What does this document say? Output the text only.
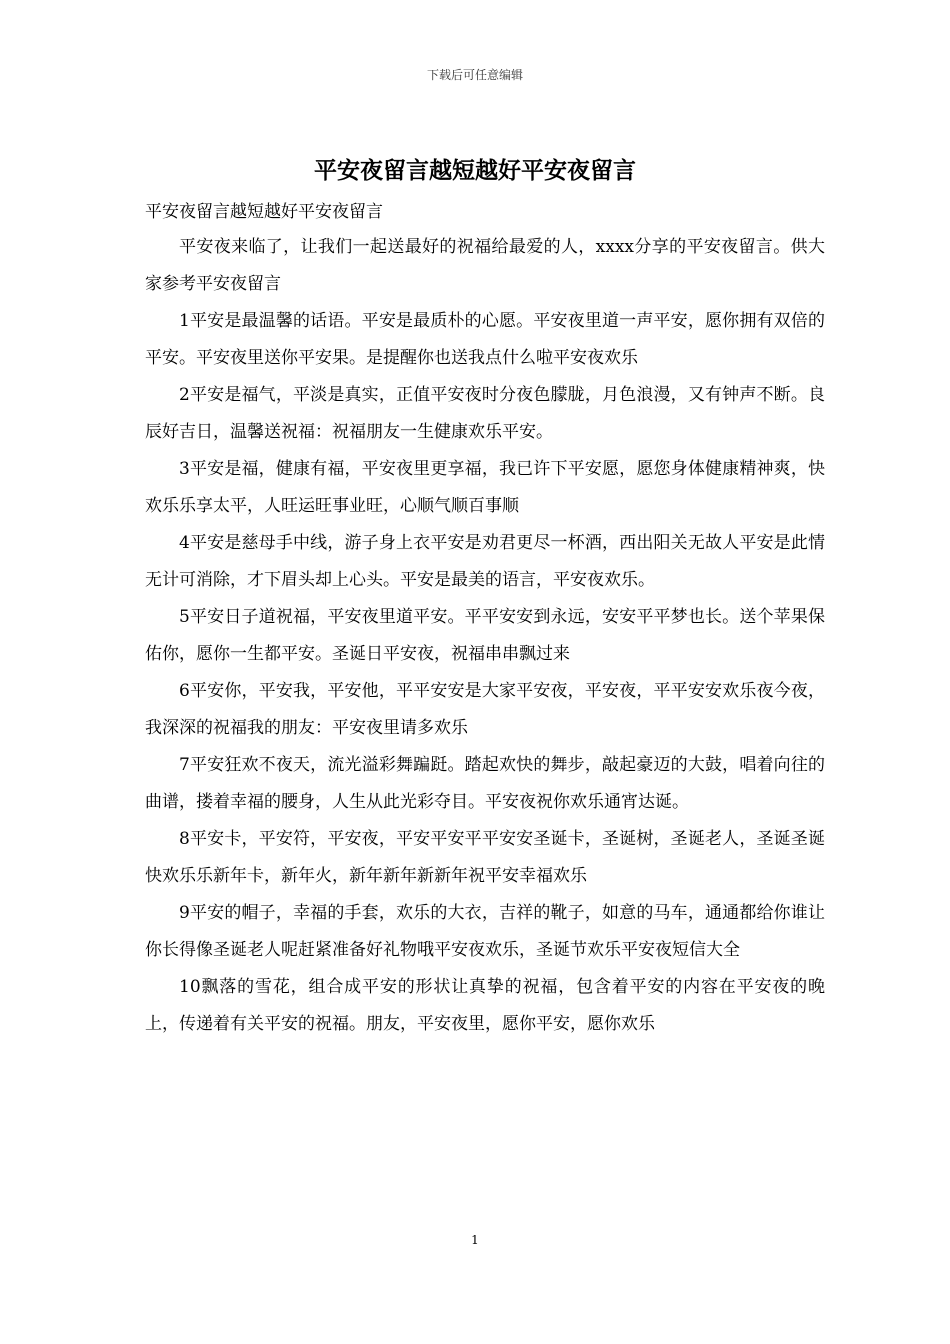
下载后可任意编辑
平安夜留言越短越好平安夜留言

平安夜留言越短越好平安夜留言

平安夜来临了，让我们一起送最好的祝福给最爱的人，xxxx分享的平安夜留言。供大家参考平安夜留言

1平安是最温馨的话语。平安是最质朴的心愿。平安夜里道一声平安，愿你拥有双倍的平安。平安夜里送你平安果。是提醒你也送我点什么啦平安夜欢乐

2平安是福气，平淡是真实，正值平安夜时分夜色朦胧，月色浪漫，又有钟声不断。良辰好吉日，温馨送祝福：祝福朋友一生健康欢乐平安。

3平安是福，健康有福，平安夜里更享福，我已许下平安愿，愿您身体健康精神爽，快欢乐乐享太平，人旺运旺事业旺，心顺气顺百事顺

4平安是慈母手中线，游子身上衣平安是劝君更尽一杯酒，西出阳关无故人平安是此情无计可消除，才下眉头却上心头。平安是最美的语言，平安夜欢乐。

5平安日子道祝福，平安夜里道平安。平平安安到永远，安安平平梦也长。送个苹果保佑你，愿你一生都平安。圣诞日平安夜，祝福串串飘过来

6平安你，平安我，平安他，平平安安是大家平安夜，平安夜，平平安安欢乐夜今夜，我深深的祝福我的朋友：平安夜里请多欢乐

7平安狂欢不夜天，流光溢彩舞蹁跹。踏起欢快的舞步，敲起豪迈的大鼓，唱着向往的曲谱，搂着幸福的腰身，人生从此光彩夺目。平安夜祝你欢乐通宵达诞。

8平安卡，平安符，平安夜，平安平安平平安安圣诞卡，圣诞树，圣诞老人，圣诞圣诞快欢乐乐新年卡，新年火，新年新年新新年祝平安幸福欢乐

9平安的帽子，幸福的手套，欢乐的大衣，吉祥的靴子，如意的马车，通通都给你谁让你长得像圣诞老人呢赶紧准备好礼物哦平安夜欢乐，圣诞节欢乐平安夜短信大全

10飘落的雪花，组合成平安的形状让真挚的祝福，包含着平安的内容在平安夜的晚上，传递着有关平安的祝福。朋友，平安夜里，愿你平安，愿你欢乐

1
